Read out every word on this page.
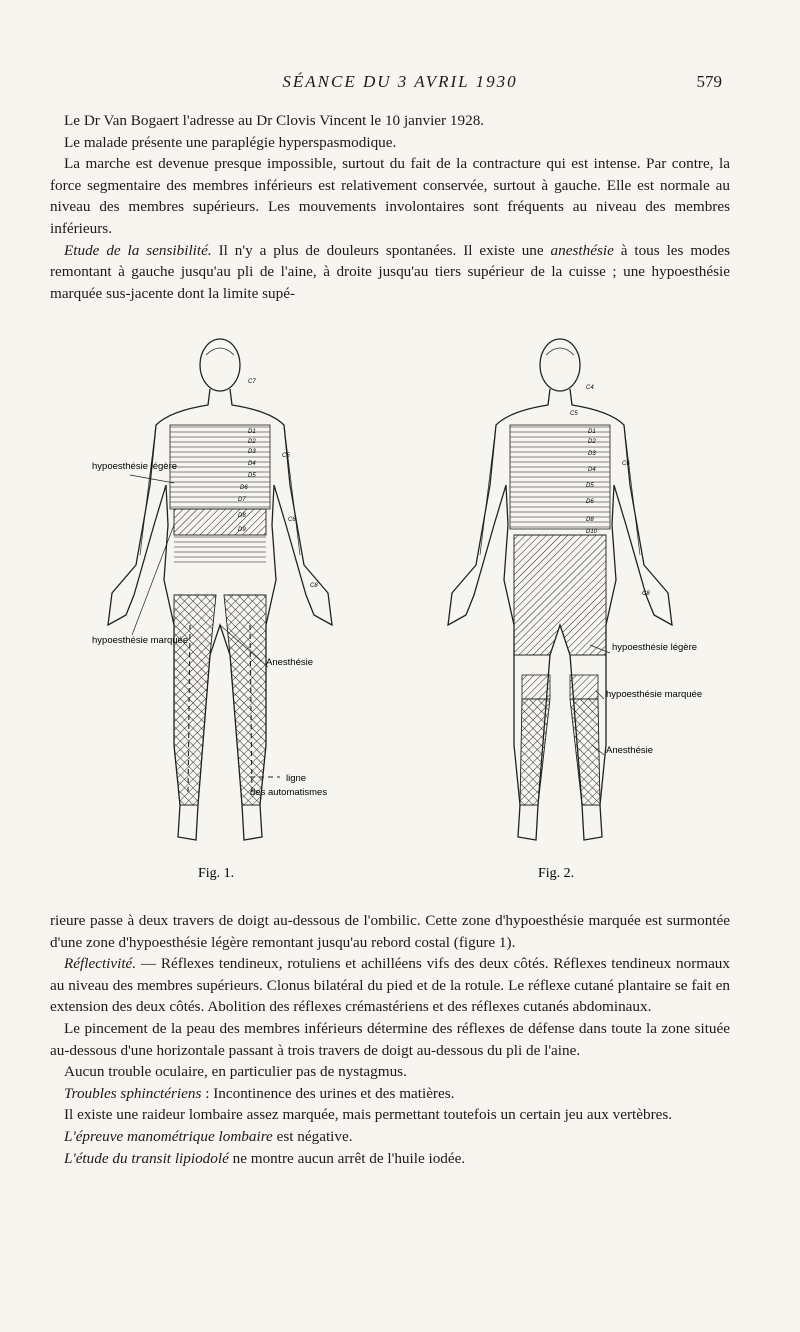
SÉANCE DU 3 AVRIL 1930	579

Le Dr Van Bogaert l'adresse au Dr Clovis Vincent le 10 janvier 1928.
Le malade présente une paraplégie hyperspasmodique.
La marche est devenue presque impossible, surtout du fait de la contracture qui est intense. Par contre, la force segmentaire des membres inférieurs est relativement conservée, surtout à gauche. Elle est normale au niveau des membres supérieurs. Les mouvements involontaires sont fréquents au niveau des membres inférieurs.
Etude de la sensibilité. Il n'y a plus de douleurs spontanées. Il existe une anesthésie à tous les modes remontant à gauche jusqu'au pli de l'aine, à droite jusqu'au tiers supérieur de la cuisse ; une hypoesthésie marquée sus-jacente dont la limite supé-

C7
D1
D2
D3
D4
D5
D6
D7
D8
D9
C5
C6
C8
hypoesthésie légère
hypoesthésie marquée
Anesthésie
ligne
des automatismes
Fig. 1.
C4
C5
D1
D2
D3
D4
D5
D6
D8
D10
C6
C8
hypoesthésie légère
hypoesthésie marquée
Anesthésie
Fig. 2.

rieure passe à deux travers de doigt au-dessous de l'ombilic. Cette zone d'hypoesthésie marquée est surmontée d'une zone d'hypoesthésie légère remontant jusqu'au rebord costal (figure 1).
Réflectivité. — Réflexes tendineux, rotuliens et achilléens vifs des deux côtés. Réflexes tendineux normaux au niveau des membres supérieurs. Clonus bilatéral du pied et de la rotule. Le réflexe cutané plantaire se fait en extension des deux côtés. Abolition des réflexes crémastériens et des réflexes cutanés abdominaux.
Le pincement de la peau des membres inférieurs détermine des réflexes de défense dans toute la zone située au-dessous d'une horizontale passant à trois travers de doigt au-dessous du pli de l'aine.
Aucun trouble oculaire, en particulier pas de nystagmus.
Troubles sphinctériens : Incontinence des urines et des matières.
Il existe une raideur lombaire assez marquée, mais permettant toutefois un certain jeu aux vertèbres.
L'épreuve manométrique lombaire est négative.
L'étude du transit lipiodolé ne montre aucun arrêt de l'huile iodée.
